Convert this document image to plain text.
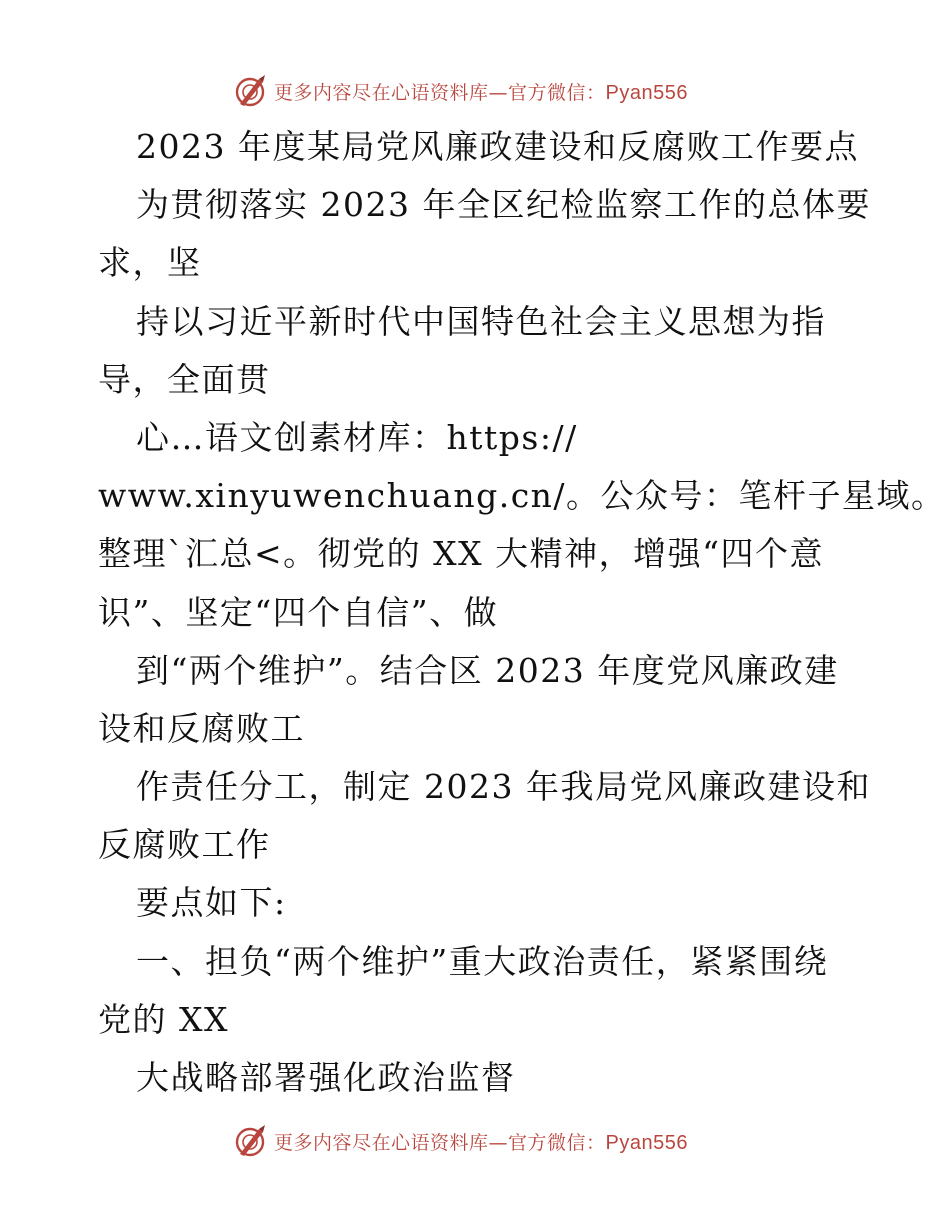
更多内容尽在心语资料库—官方微信：Pyan556
2023 年度某局党风廉政建设和反腐败工作要点
为贯彻落实 2023 年全区纪检监察工作的总体要
求，坚
持以习近平新时代中国特色社会主义思想为指
导，全面贯
心…语文创素材库：https://
www.xinyuwenchuang.cn/。公众号：笔杆子星域。
整理`汇总<。彻党的 XX 大精神，增强“四个意
识”、坚定“四个自信”、做
到“两个维护”。结合区 2023 年度党风廉政建
设和反腐败工
作责任分工，制定 2023 年我局党风廉政建设和
反腐败工作
要点如下:
一、担负“两个维护”重大政治责任，紧紧围绕
党的 XX
大战略部署强化政治监督
更多内容尽在心语资料库—官方微信：Pyan556
